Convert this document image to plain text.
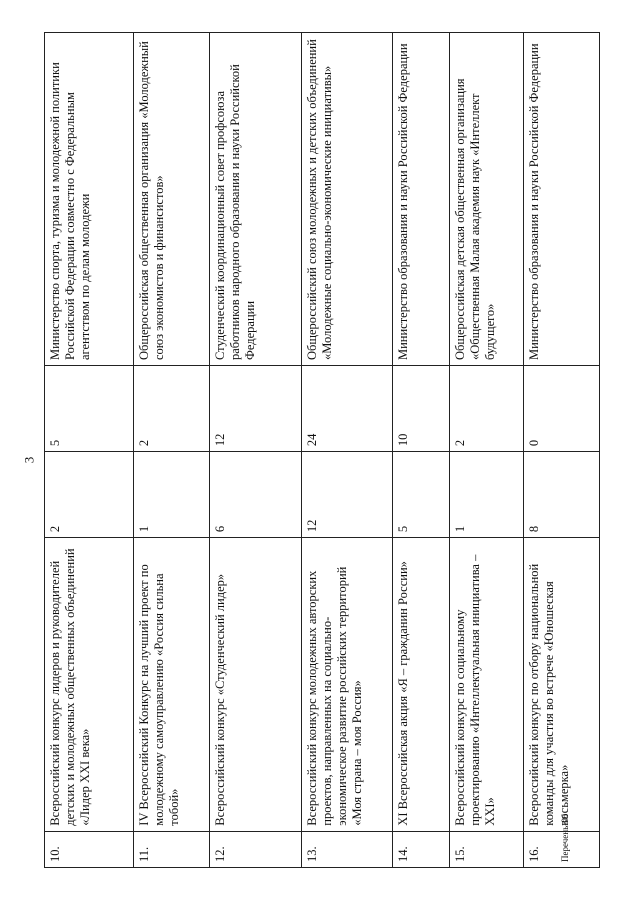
3
Перечень-06
10.	Всероссийский конкурс лидеров и руководителей детских и молодежных общественных объединений «Лидер XXI века»	2	5	Министерство спорта, туризма и молодежной политики Российской Федерации совместно с Федеральным агентством по делам молодежи
11.	IV Всероссийский Конкурс на лучший проект по молодежному самоуправлению «Россия сильна тобой»	1	2	Общероссийская общественная организация «Молодежный союз экономистов и финансистов»
12.	Всероссийский конкурс «Студенческий лидер»	6	12	Студенческий координационный совет профсоюза работников народного образования и науки Российской Федерации
13.	Всероссийский конкурс молодежных авторских проектов, направленных на социально-экономическое развитие российских территорий «Моя страна – моя Россия»	12	24	Общероссийский союз молодежных и детских объединений «Молодежные социально-экономические инициативы»
14.	XI Всероссийская акция «Я – гражданин России»	5	10	Министерство образования и науки Российской Федерации
15.	Всероссийский конкурс по социальному проектированию «Интеллектуальная инициатива – XXI»	1	2	Общероссийская детская общественная организация «Общественная Малая академия наук «Интеллект будущего»
16.	Всероссийский конкурс по отбору национальной команды для участия во встрече «Юношеская восьмерка»	8	0	Министерство образования и науки Российской Федерации
